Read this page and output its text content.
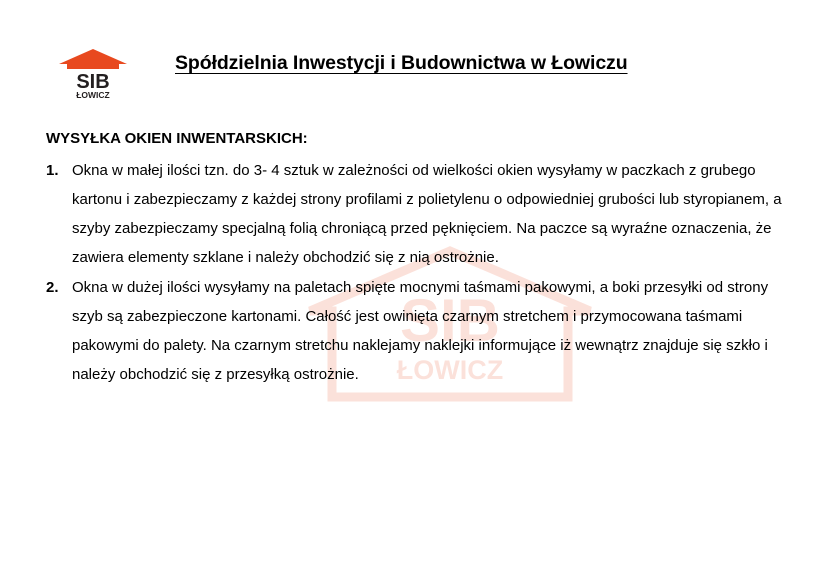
SIB
ŁOWICZ
SIB
ŁOWICZ
Spółdzielnia Inwestycji i Budownictwa w Łowiczu
WYSYŁKA OKIEN INWENTARSKICH:
1. Okna w małej ilości tzn. do 3- 4 sztuk w zależności od wielkości okien wysyłamy w paczkach z grubego kartonu i zabezpieczamy z każdej strony profilami z polietylenu o odpowiedniej grubości lub styropianem, a szyby zabezpieczamy specjalną folią chroniącą przed pęknięciem. Na paczce są wyraźne oznaczenia, że zawiera elementy szklane i należy obchodzić się z nią ostrożnie.
2. Okna w dużej ilości wysyłamy na paletach spięte mocnymi taśmami pakowymi, a boki przesyłki od strony szyb są zabezpieczone kartonami. Całość jest owinięta czarnym stretchem i przymocowana taśmami pakowymi do palety. Na czarnym stretchu naklejamy naklejki informujące iż wewnątrz znajduje się szkło i należy obchodzić się z przesyłką ostrożnie.
